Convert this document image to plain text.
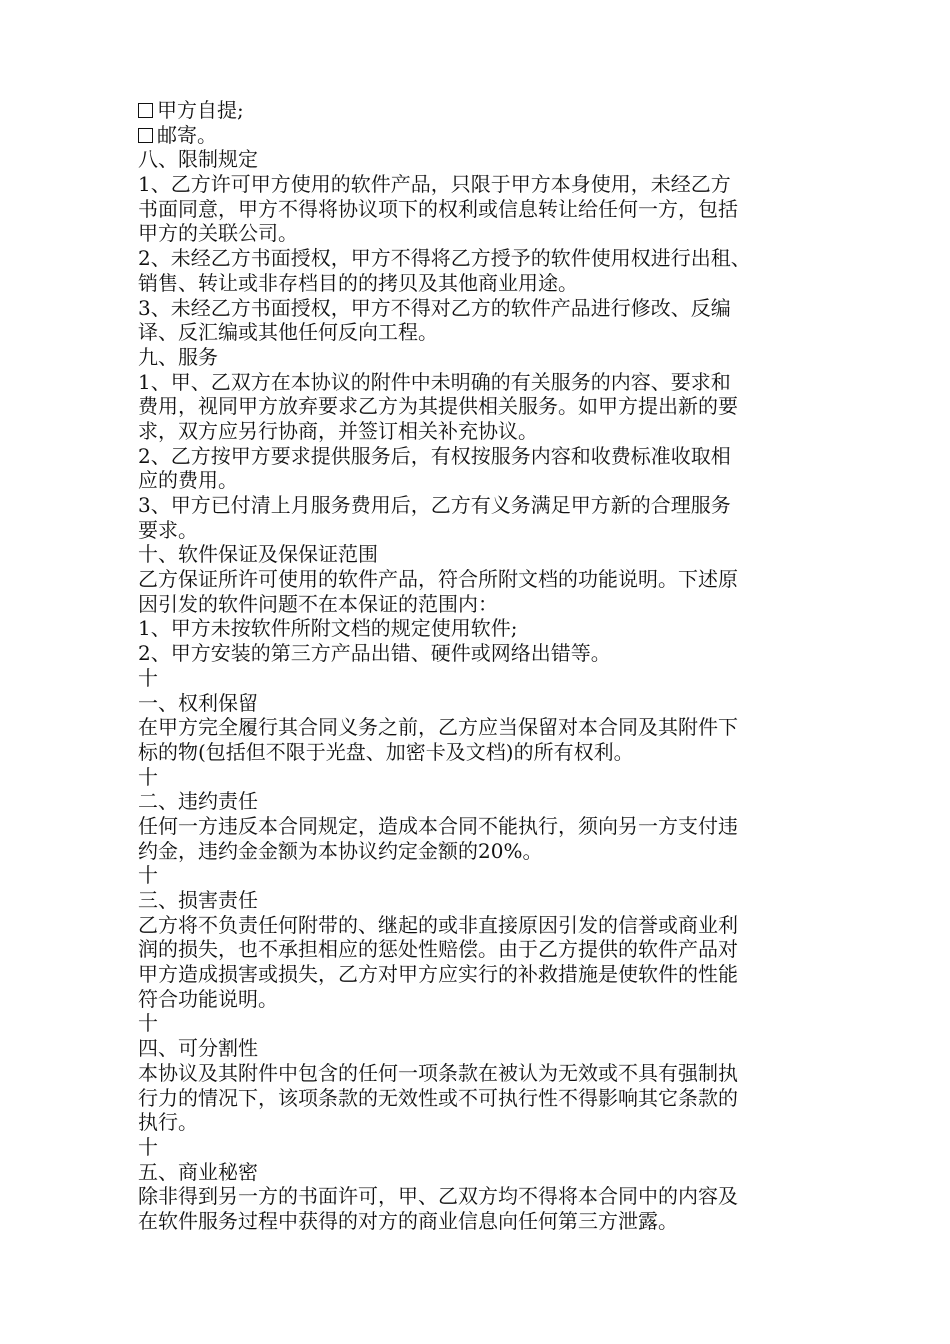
甲方自提;
邮寄。
八、限制规定
1、乙方许可甲方使用的软件产品，只限于甲方本身使用，未经乙方
书面同意，甲方不得将协议项下的权利或信息转让给任何一方，包括
甲方的关联公司。
2、未经乙方书面授权，甲方不得将乙方授予的软件使用权进行出租、
销售、转让或非存档目的的拷贝及其他商业用途。
3、未经乙方书面授权，甲方不得对乙方的软件产品进行修改、反编
译、反汇编或其他任何反向工程。
九、服务
1、甲、乙双方在本协议的附件中未明确的有关服务的内容、要求和
费用，视同甲方放弃要求乙方为其提供相关服务。如甲方提出新的要
求，双方应另行协商，并签订相关补充协议。
2、乙方按甲方要求提供服务后，有权按服务内容和收费标准收取相
应的费用。
3、甲方已付清上月服务费用后，乙方有义务满足甲方新的合理服务
要求。
十、软件保证及保保证范围
乙方保证所许可使用的软件产品，符合所附文档的功能说明。下述原
因引发的软件问题不在本保证的范围内：
1、甲方未按软件所附文档的规定使用软件;
2、甲方安装的第三方产品出错、硬件或网络出错等。
十
一、权利保留
在甲方完全履行其合同义务之前，乙方应当保留对本合同及其附件下
标的物(包括但不限于光盘、加密卡及文档)的所有权利。
十
二、违约责任
任何一方违反本合同规定，造成本合同不能执行，须向另一方支付违
约金，违约金金额为本协议约定金额的20%。
十
三、损害责任
乙方将不负责任何附带的、继起的或非直接原因引发的信誉或商业利
润的损失，也不承担相应的惩处性赔偿。由于乙方提供的软件产品对
甲方造成损害或损失，乙方对甲方应实行的补救措施是使软件的性能
符合功能说明。
十
四、可分割性
本协议及其附件中包含的任何一项条款在被认为无效或不具有强制执
行力的情况下，该项条款的无效性或不可执行性不得影响其它条款的
执行。
十
五、商业秘密
除非得到另一方的书面许可，甲、乙双方均不得将本合同中的内容及
在软件服务过程中获得的对方的商业信息向任何第三方泄露。
